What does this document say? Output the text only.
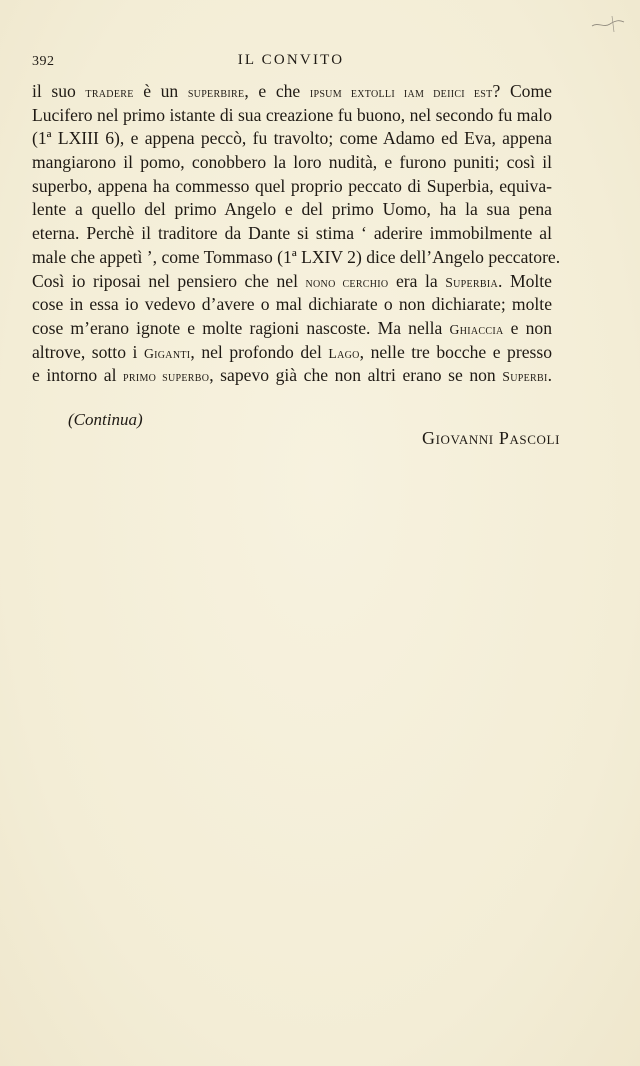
392	IL CONVITO
il suo tradere è un superbire, e che ipsum extolli iam deiici est? Come
Lucifero nel primo istante di sua creazione fu buono, nel secondo fu malo
(1ª LXIII 6), e appena peccò, fu travolto; come Adamo ed Eva, appena
mangiarono il pomo, conobbero la loro nudità, e furono puniti; così il
superbo, appena ha commesso quel proprio peccato di Superbia, equiva-
lente a quello del primo Angelo e del primo Uomo, ha la sua pena
eterna. Perchè il traditore da Dante si stima ‘ aderire immobilmente al
male che appetì ’, come Tommaso (1ª LXIV 2) dice dell’Angelo peccatore.
Così io riposai nel pensiero che nel nono cerchio era la Superbia. Molte
cose in essa io vedevo d’avere o mal dichiarate o non dichiarate; molte
cose m’erano ignote e molte ragioni nascoste. Ma nella Ghiaccia e non
altrove, sotto i Giganti, nel profondo del Lago, nelle tre bocche e presso
e intorno al primo superbo, sapevo già che non altri erano se non Superbi.
(Continua)
Giovanni Pascoli
